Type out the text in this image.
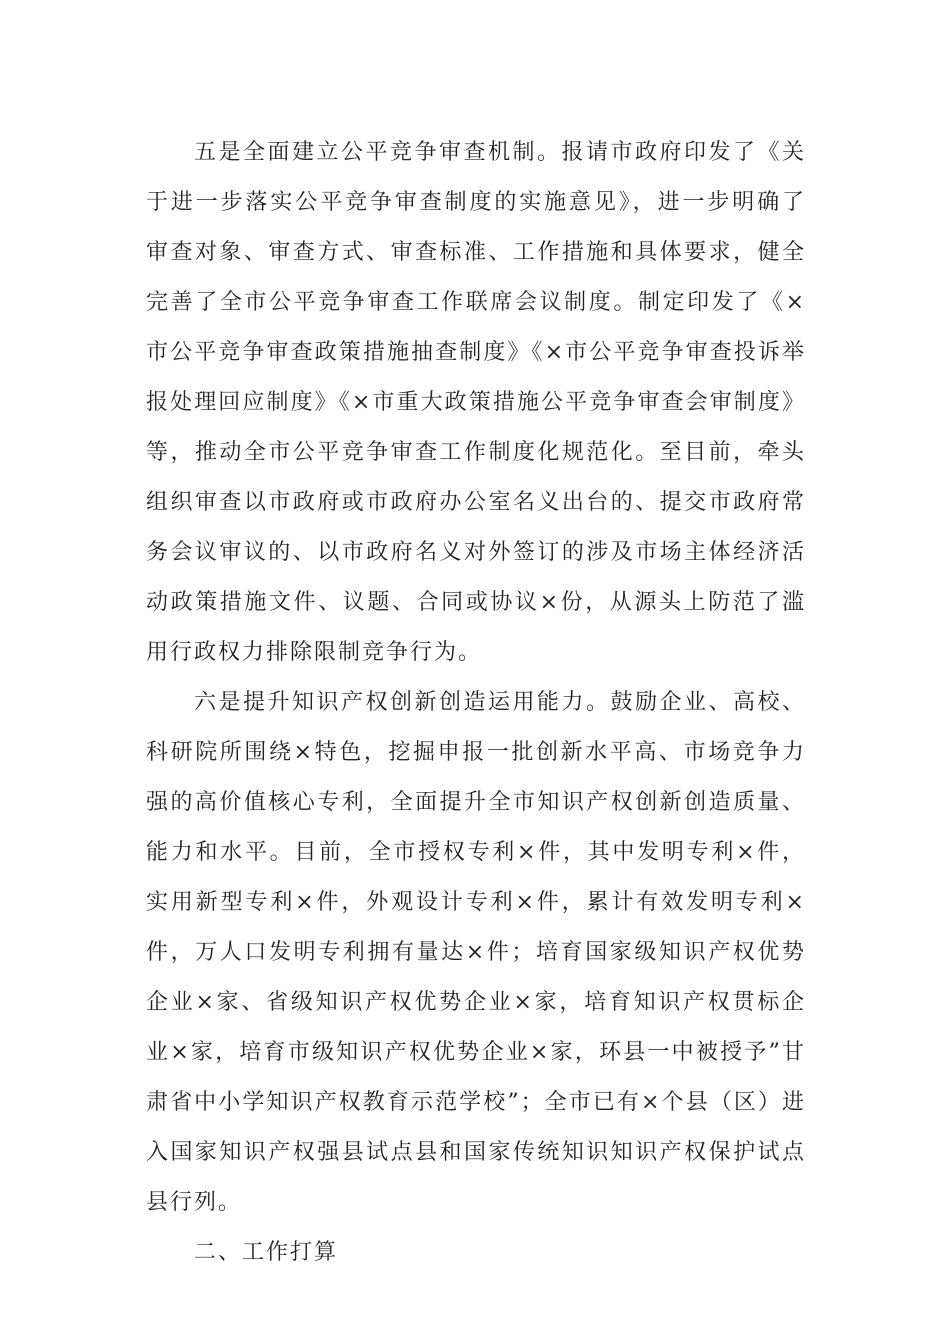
五是全面建立公平竞争审查机制。报请市政府印发了《关于进一步落实公平竞争审查制度的实施意见》，进一步明确了审查对象、审查方式、审查标准、工作措施和具体要求，健全完善了全市公平竞争审查工作联席会议制度。制定印发了《×市公平竞争审查政策措施抽查制度》《×市公平竞争审查投诉举报处理回应制度》《×市重大政策措施公平竞争审查会审制度》等，推动全市公平竞争审查工作制度化规范化。至目前，牵头组织审查以市政府或市政府办公室名义出台的、提交市政府常务会议审议的、以市政府名义对外签订的涉及市场主体经济活动政策措施文件、议题、合同或协议×份，从源头上防范了滥用行政权力排除限制竞争行为。

六是提升知识产权创新创造运用能力。鼓励企业、高校、科研院所围绕×特色，挖掘申报一批创新水平高、市场竞争力强的高价值核心专利，全面提升全市知识产权创新创造质量、能力和水平。目前，全市授权专利×件，其中发明专利×件，实用新型专利×件，外观设计专利×件，累计有效发明专利×件，万人口发明专利拥有量达×件；培育国家级知识产权优势企业×家、省级知识产权优势企业×家，培育知识产权贯标企业×家，培育市级知识产权优势企业×家，环县一中被授予”甘肃省中小学知识产权教育示范学校”；全市已有×个县（区）进入国家知识产权强县试点县和国家传统知识知识产权保护试点县行列。

二、工作打算
